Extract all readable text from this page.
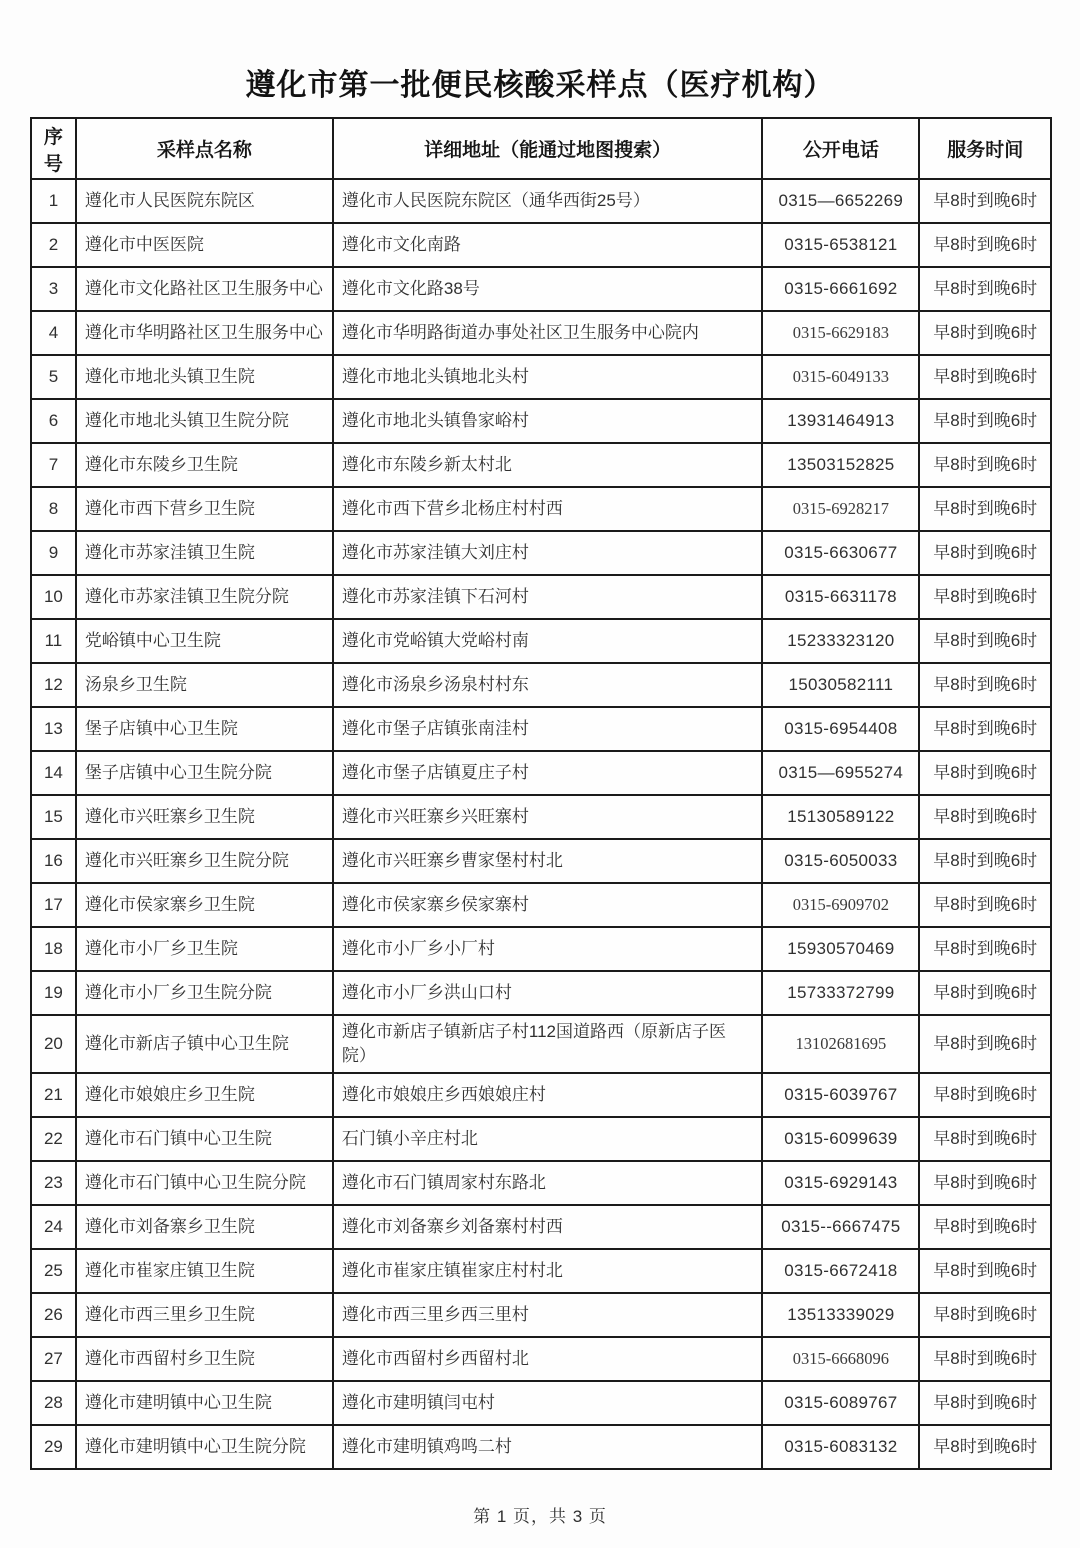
遵化市第一批便民核酸采样点（医疗机构）
序号	采样点名称	详细地址（能通过地图搜索）	公开电话	服务时间
1	遵化市人民医院东院区	遵化市人民医院东院区（通华西街25号）	0315—6652269	早8时到晚6时
2	遵化市中医医院	遵化市文化南路	0315-6538121	早8时到晚6时
3	遵化市文化路社区卫生服务中心	遵化市文化路38号	0315-6661692	早8时到晚6时
4	遵化市华明路社区卫生服务中心	遵化市华明路街道办事处社区卫生服务中心院内	0315-6629183	早8时到晚6时
5	遵化市地北头镇卫生院	遵化市地北头镇地北头村	0315-6049133	早8时到晚6时
6	遵化市地北头镇卫生院分院	遵化市地北头镇鲁家峪村	13931464913	早8时到晚6时
7	遵化市东陵乡卫生院	遵化市东陵乡新太村北	13503152825	早8时到晚6时
8	遵化市西下营乡卫生院	遵化市西下营乡北杨庄村村西	0315-6928217	早8时到晚6时
9	遵化市苏家洼镇卫生院	遵化市苏家洼镇大刘庄村	0315-6630677	早8时到晚6时
10	遵化市苏家洼镇卫生院分院	遵化市苏家洼镇下石河村	0315-6631178	早8时到晚6时
11	党峪镇中心卫生院	遵化市党峪镇大党峪村南	15233323120	早8时到晚6时
12	汤泉乡卫生院	遵化市汤泉乡汤泉村村东	15030582111	早8时到晚6时
13	堡子店镇中心卫生院	遵化市堡子店镇张南洼村	0315-6954408	早8时到晚6时
14	堡子店镇中心卫生院分院	遵化市堡子店镇夏庄子村	0315—6955274	早8时到晚6时
15	遵化市兴旺寨乡卫生院	遵化市兴旺寨乡兴旺寨村	15130589122	早8时到晚6时
16	遵化市兴旺寨乡卫生院分院	遵化市兴旺寨乡曹家堡村村北	0315-6050033	早8时到晚6时
17	遵化市侯家寨乡卫生院	遵化市侯家寨乡侯家寨村	0315-6909702	早8时到晚6时
18	遵化市小厂乡卫生院	遵化市小厂乡小厂村	15930570469	早8时到晚6时
19	遵化市小厂乡卫生院分院	遵化市小厂乡洪山口村	15733372799	早8时到晚6时
20	遵化市新店子镇中心卫生院	遵化市新店子镇新店子村112国道路西（原新店子医院）	13102681695	早8时到晚6时
21	遵化市娘娘庄乡卫生院	遵化市娘娘庄乡西娘娘庄村	0315-6039767	早8时到晚6时
22	遵化市石门镇中心卫生院	石门镇小辛庄村北	0315-6099639	早8时到晚6时
23	遵化市石门镇中心卫生院分院	遵化市石门镇周家村东路北	0315-6929143	早8时到晚6时
24	遵化市刘备寨乡卫生院	遵化市刘备寨乡刘备寨村村西	0315--6667475	早8时到晚6时
25	遵化市崔家庄镇卫生院	遵化市崔家庄镇崔家庄村村北	0315-6672418	早8时到晚6时
26	遵化市西三里乡卫生院	遵化市西三里乡西三里村	13513339029	早8时到晚6时
27	遵化市西留村乡卫生院	遵化市西留村乡西留村北	0315-6668096	早8时到晚6时
28	遵化市建明镇中心卫生院	遵化市建明镇闫屯村	0315-6089767	早8时到晚6时
29	遵化市建明镇中心卫生院分院	遵化市建明镇鸡鸣二村	0315-6083132	早8时到晚6时
第 1 页，共 3 页
